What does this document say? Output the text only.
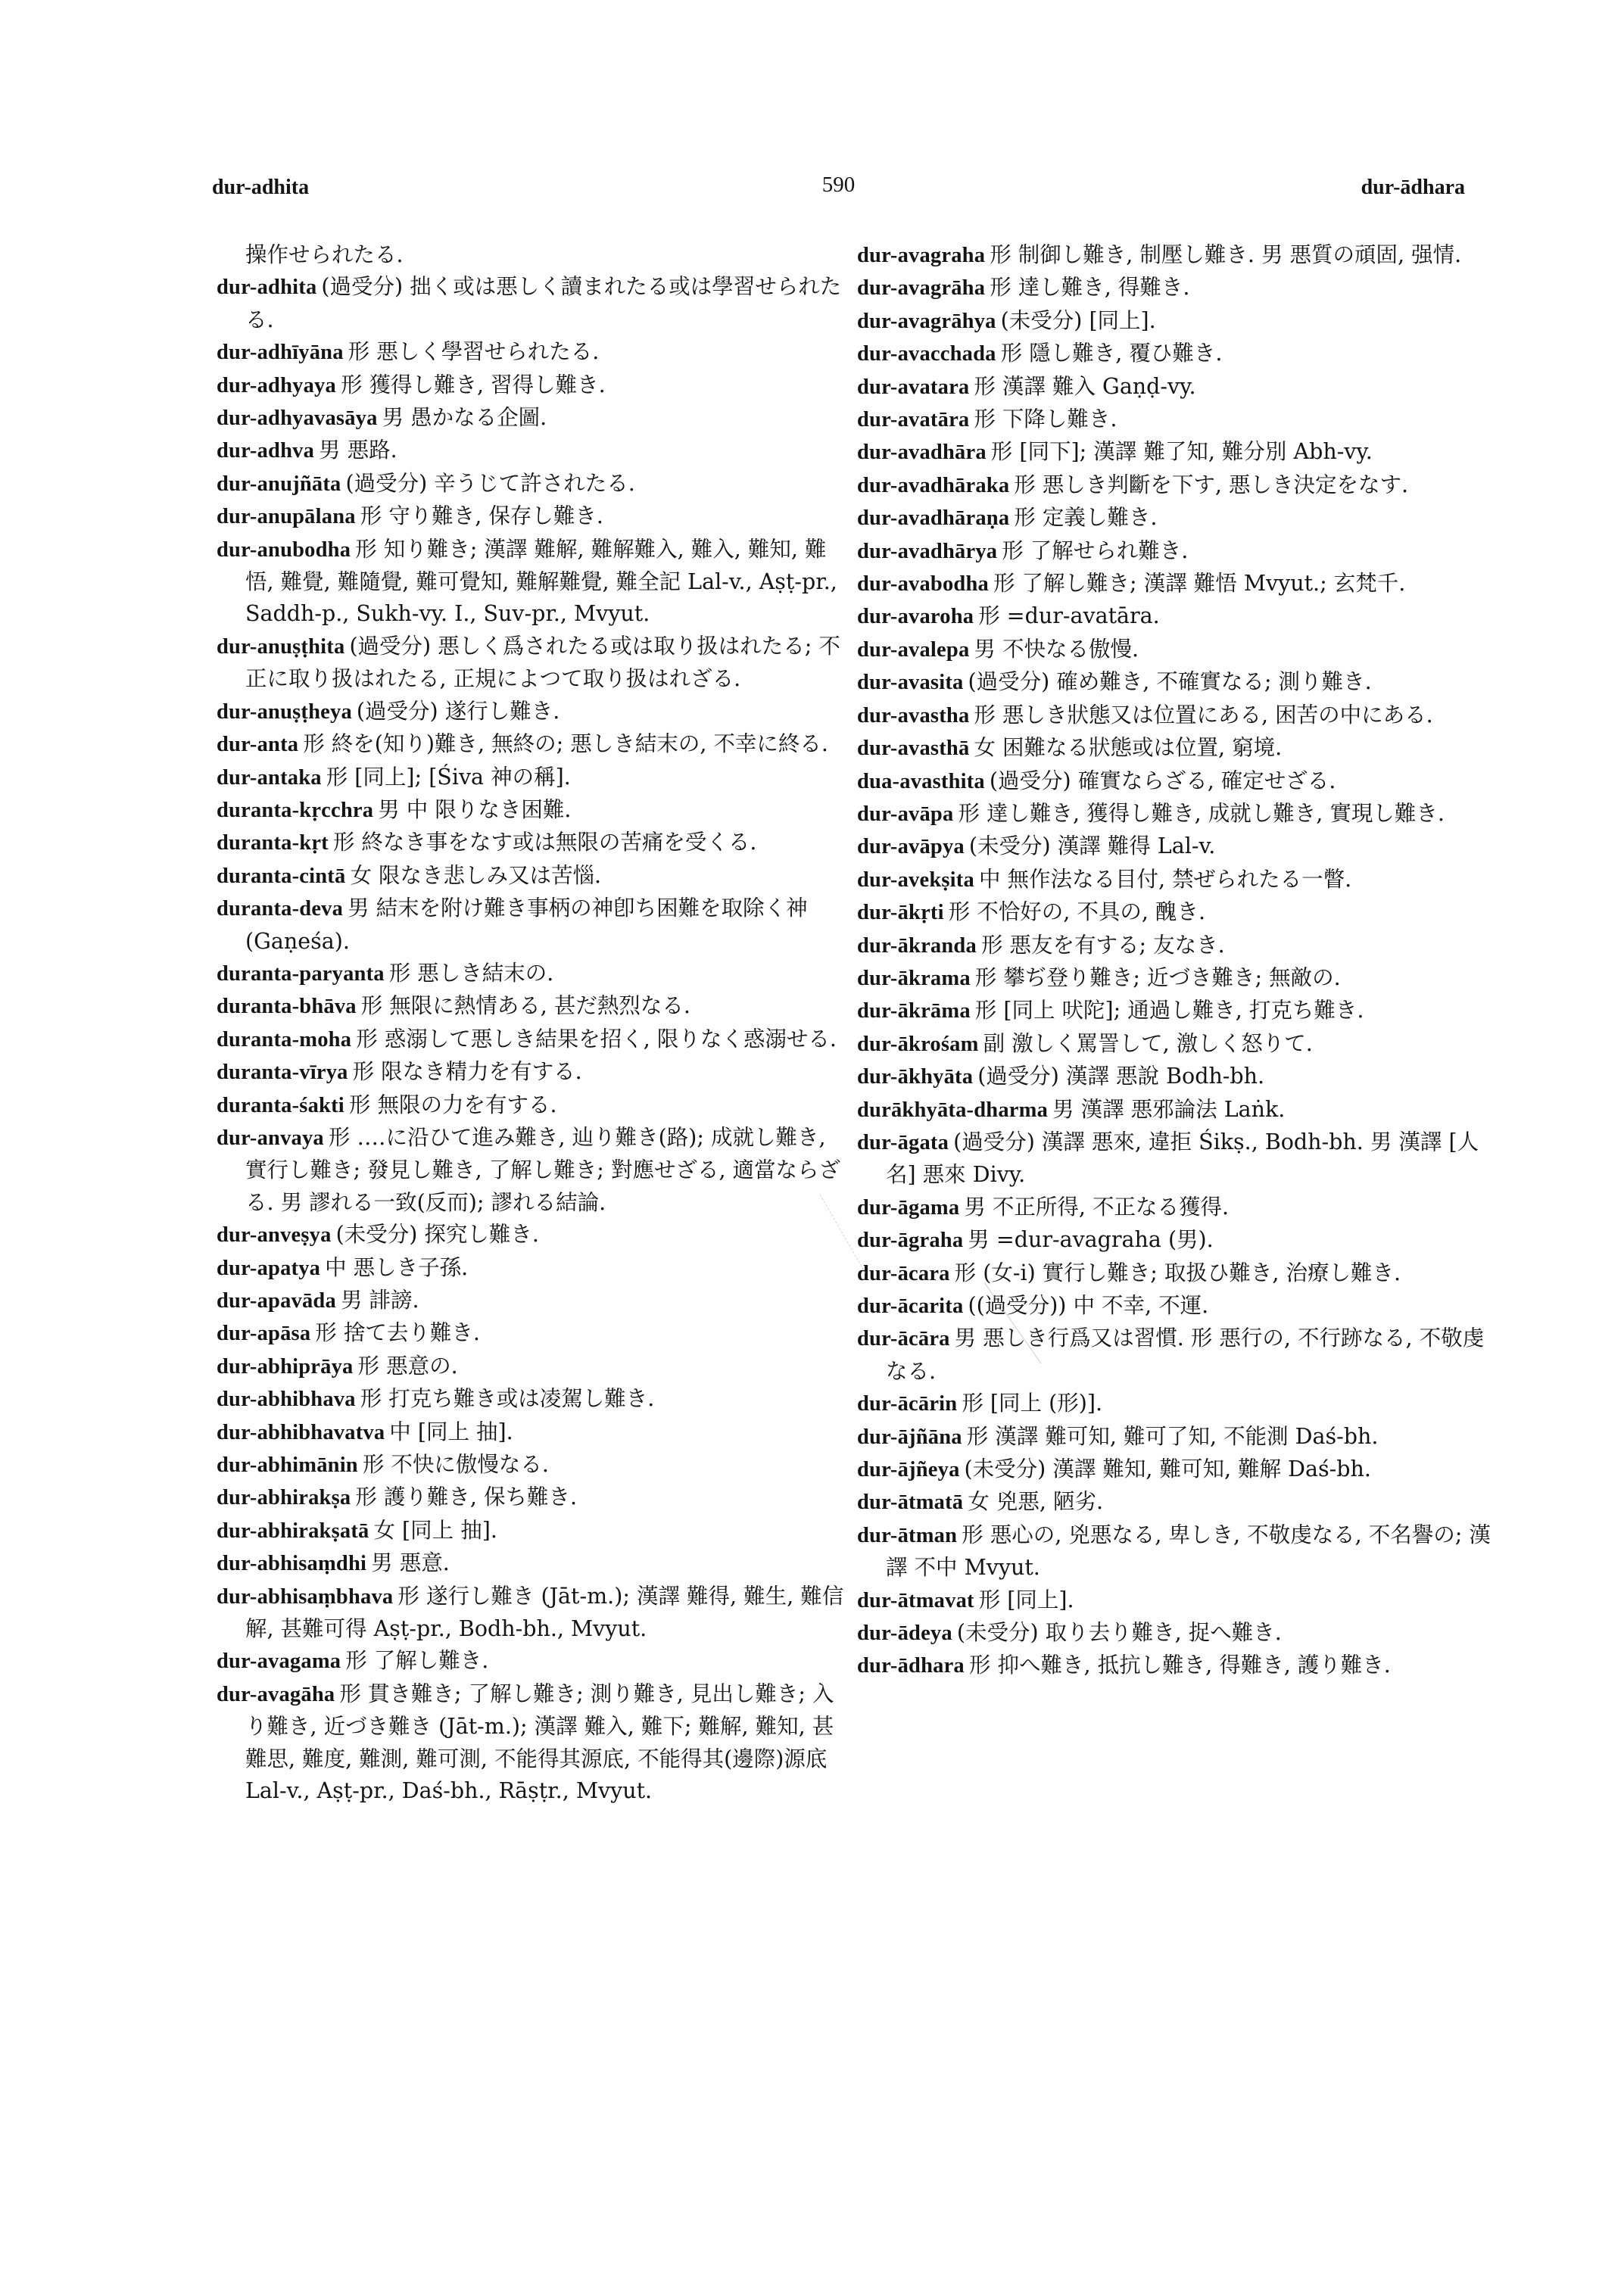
dur-adhita	590	dur-ādhara

操作せられたる.

dur-adhita (過受分) 拙く或は悪しく讀まれたる或は學習せられたる.

dur-adhīyāna 形 悪しく學習せられたる.

dur-adhyaya 形 獲得し難き, 習得し難き.

dur-adhyavasāya 男 愚かなる企圖.

dur-adhva 男 悪路.

dur-anujñāta (過受分) 辛うじて許されたる.

dur-anupālana 形 守り難き, 保存し難き.

dur-anubodha 形 知り難き; 漢譯 難解, 難解難入, 難入, 難知, 難悟, 難覺, 難隨覺, 難可覺知, 難解難覺, 難全記 Lal-v., Aṣṭ-pr., Saddh-p., Sukh-vy. I., Suv-pr., Mvyut.

dur-anuṣṭhita (過受分) 悪しく爲されたる或は取り扱はれたる; 不正に取り扱はれたる, 正規によつて取り扱はれざる.

dur-anuṣṭheya (過受分) 遂行し難き.

dur-anta 形 終を(知り)難き, 無終の; 悪しき結末の, 不幸に終る.

dur-antaka 形 [同上]; [Śiva 神の稱].

duranta-kṛcchra 男 中 限りなき困難.

duranta-kṛt 形 終なき事をなす或は無限の苦痛を受くる.

duranta-cintā 女 限なき悲しみ又は苦惱.

duranta-deva 男 結末を附け難き事柄の神卽ち困難を取除く神 (Gaṇeśa).

duranta-paryanta 形 悪しき結末の.

duranta-bhāva 形 無限に熱情ある, 甚だ熱烈なる.

duranta-moha 形 惑溺して悪しき結果を招く, 限りなく惑溺せる.

duranta-vīrya 形 限なき精力を有する.

duranta-śakti 形 無限の力を有する.

dur-anvaya 形 ‥‥に沿ひて進み難き, 辿り難き(路); 成就し難き, 實行し難き; 發見し難き, 了解し難き; 對應せざる, 適當ならざる. 男 謬れる一致(反而); 謬れる結論.

dur-anveṣya (未受分) 探究し難き.

dur-apatya 中 悪しき子孫.

dur-apavāda 男 誹謗.

dur-apāsa 形 捨て去り難き.

dur-abhiprāya 形 悪意の.

dur-abhibhava 形 打克ち難き或は凌駕し難き.

dur-abhibhavatva 中 [同上 抽].

dur-abhimānin 形 不快に傲慢なる.

dur-abhirakṣa 形 護り難き, 保ち難き.

dur-abhirakṣatā 女 [同上 抽].

dur-abhisaṃdhi 男 悪意.

dur-abhisaṃbhava 形 遂行し難き (Jāt-m.); 漢譯 難得, 難生, 難信解, 甚難可得 Aṣṭ-pr., Bodh-bh., Mvyut.

dur-avagama 形 了解し難き.

dur-avagāha 形 貫き難き; 了解し難き; 測り難き, 見出し難き; 入り難き, 近づき難き (Jāt-m.); 漢譯 難入, 難下; 難解, 難知, 甚難思, 難度, 難測, 難可測, 不能得其源底, 不能得其(邊際)源底 Lal-v., Aṣṭ-pr., Daś-bh., Rāṣṭr., Mvyut.

dur-avagraha 形 制御し難き, 制壓し難き. 男 悪質の頑固, 强情.

dur-avagrāha 形 達し難き, 得難き.

dur-avagrāhya (未受分) [同上].

dur-avacchada 形 隱し難き, 覆ひ難き.

dur-avatara 形 漢譯 難入 Gaṇḍ-vy.

dur-avatāra 形 下降し難き.

dur-avadhāra 形 [同下]; 漢譯 難了知, 難分別 Abh-vy.

dur-avadhāraka 形 悪しき判斷を下す, 悪しき決定をなす.

dur-avadhāraṇa 形 定義し難き.

dur-avadhārya 形 了解せられ難き.

dur-avabodha 形 了解し難き; 漢譯 難悟 Mvyut.; 玄梵千.

dur-avaroha 形 =dur-avatāra.

dur-avalepa 男 不快なる傲慢.

dur-avasita (過受分) 確め難き, 不確實なる; 測り難き.

dur-avastha 形 悪しき狀態又は位置にある, 困苦の中にある.

dur-avasthā 女 困難なる狀態或は位置, 窮境.

dua-avasthita (過受分) 確實ならざる, 確定せざる.

dur-avāpa 形 達し難き, 獲得し難き, 成就し難き, 實現し難き.

dur-avāpya (未受分) 漢譯 難得 Lal-v.

dur-avekṣita 中 無作法なる目付, 禁ぜられたる一瞥.

dur-ākṛti 形 不恰好の, 不具の, 醜き.

dur-ākranda 形 悪友を有する; 友なき.

dur-ākrama 形 攀ぢ登り難き; 近づき難き; 無敵の.

dur-ākrāma 形 [同上 吠陀]; 通過し難き, 打克ち難き.

dur-ākrośam 副 激しく罵詈して, 激しく怒りて.

dur-ākhyāta (過受分) 漢譯 悪說 Bodh-bh.

durākhyāta-dharma 男 漢譯 悪邪論法 Laṅk.

dur-āgata (過受分) 漢譯 悪來, 違拒 Śikṣ., Bodh-bh. 男 漢譯 [人名] 悪來 Divy.

dur-āgama 男 不正所得, 不正なる獲得.

dur-āgraha 男 =dur-avagraha (男).

dur-ācara 形 (女-i) 實行し難き; 取扱ひ難き, 治療し難き.

dur-ācarita ((過受分)) 中 不幸, 不運.

dur-ācāra 男 悪しき行爲又は習慣. 形 悪行の, 不行跡なる, 不敬虔なる.

dur-ācārin 形 [同上 (形)].

dur-ājñāna 形 漢譯 難可知, 難可了知, 不能測 Daś-bh.

dur-ājñeya (未受分) 漢譯 難知, 難可知, 難解 Daś-bh.

dur-ātmatā 女 兇悪, 陋劣.

dur-ātman 形 悪心の, 兇悪なる, 卑しき, 不敬虔なる, 不名譽の; 漢譯 不中 Mvyut.

dur-ātmavat 形 [同上].

dur-ādeya (未受分) 取り去り難き, 捉へ難き.

dur-ādhara 形 抑へ難き, 抵抗し難き, 得難き, 護り難き.
